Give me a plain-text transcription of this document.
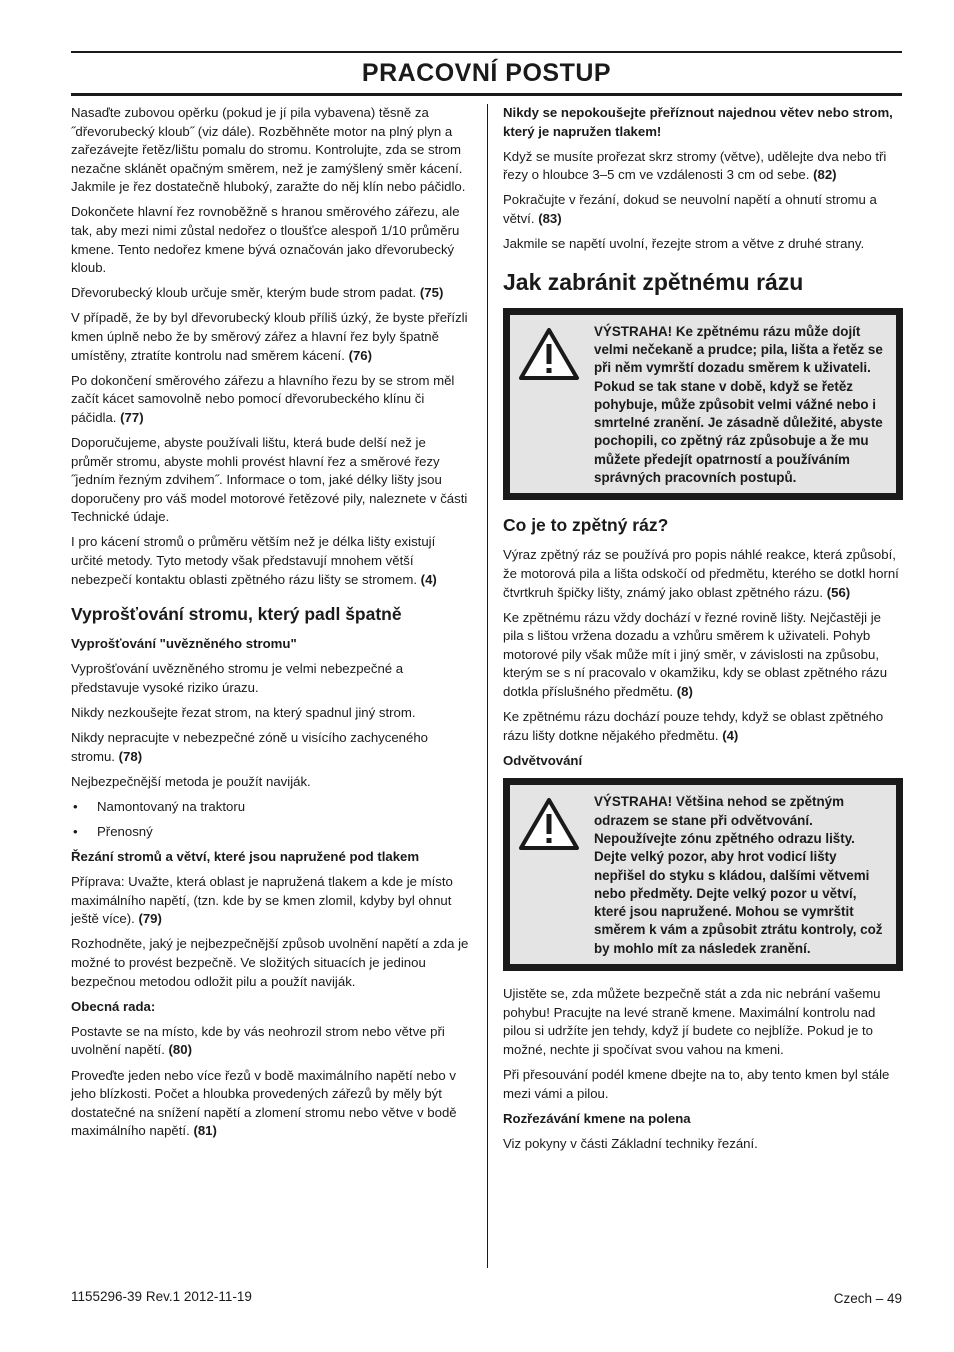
PRACOVNÍ POSTUP

Nasaďte zubovou opěrku (pokud je jí pila vybavena) těsně za ˝dřevorubecký kloub˝ (viz dále). Rozběhněte motor na plný plyn a zařezávejte řetěz/lištu pomalu do stromu. Kontrolujte, zda se strom nezačne sklánět opačným směrem, než je zamýšlený směr kácení. Jakmile je řez dostatečně hluboký, zaražte do něj klín nebo páčidlo.

Dokončete hlavní řez rovnoběžně s hranou směrového zářezu, ale tak, aby mezi nimi zůstal nedořez o tloušťce alespoň 1/10 průměru kmene. Tento nedořez kmene bývá označován jako dřevorubecký kloub.

Dřevorubecký kloub určuje směr, kterým bude strom padat. (75)

V případě, že by byl dřevorubecký kloub příliš úzký, že byste přeřízli kmen úplně nebo že by směrový zářez a hlavní řez byly špatně umístěny, ztratíte kontrolu nad směrem kácení. (76)

Po dokončení směrového zářezu a hlavního řezu by se strom měl začít kácet samovolně nebo pomocí dřevorubeckého klínu či páčidla. (77)

Doporučujeme, abyste používali lištu, která bude delší než je průměr stromu, abyste mohli provést hlavní řez a směrové řezy ˝jedním řezným zdvihem˝. Informace o tom, jaké délky lišty jsou doporučeny pro váš model motorové řetězové pily, naleznete v části Technické údaje.

I pro kácení stromů o průměru větším než je délka lišty existují určité metody. Tyto metody však představují mnohem větší nebezpečí kontaktu oblasti zpětného rázu lišty se stromem. (4)

Vyprošťování stromu, který padl špatně

Vyprošťování "uvězněného stromu"

Vyprošťování uvězněného stromu je velmi nebezpečné a představuje vysoké riziko úrazu.

Nikdy nezkoušejte řezat strom, na který spadnul jiný strom.

Nikdy nepracujte v nebezpečné zóně u visícího zachyceného stromu. (78)

Nejbezpečnější metoda je použít naviják.

• Namontovaný na traktoru
• Přenosný

Řezání stromů a větví, které jsou napružené pod tlakem

Příprava: Uvažte, která oblast je napružená tlakem a kde je místo maximálního napětí, (tzn. kde by se kmen zlomil, kdyby byl ohnut ještě více). (79)

Rozhodněte, jaký je nejbezpečnější způsob uvolnění napětí a zda je možné to provést bezpečně. Ve složitých situacích je jedinou bezpečnou metodou odložit pilu a použít naviják.

Obecná rada:

Postavte se na místo, kde by vás neohrozil strom nebo větve při uvolnění napětí. (80)

Proveďte jeden nebo více řezů v bodě maximálního napětí nebo v jeho blízkosti. Počet a hloubka provedených zářezů by měly být dostatečné na snížení napětí a zlomení stromu nebo větve v bodě maximálního napětí. (81)

Nikdy se nepokoušejte přeříznout najednou větev nebo strom, který je napružen tlakem!

Když se musíte prořezat skrz stromy (větve), udělejte dva nebo tři řezy o hloubce 3–5 cm ve vzdálenosti 3 cm od sebe. (82)

Pokračujte v řezání, dokud se neuvolní napětí a ohnutí stromu a větví. (83)

Jakmile se napětí uvolní, řezejte strom a větve z druhé strany.

Jak zabránit zpětnému rázu
VÝSTRAHA! Ke zpětnému rázu může dojít velmi nečekaně a prudce; pila, lišta a řetěz se při něm vymrští dozadu směrem k uživateli. Pokud se tak stane v době, když se řetěz pohybuje, může způsobit velmi vážné nebo i smrtelné zranění. Je zásadně důležité, abyste pochopili, co zpětný ráz způsobuje a že mu můžete předejít opatrností a používáním správných pracovních postupů.
Co je to zpětný ráz?

Výraz zpětný ráz se používá pro popis náhlé reakce, která způsobí, že motorová pila a lišta odskočí od předmětu, kterého se dotkl horní čtvrtkruh špičky lišty, známý jako oblast zpětného rázu. (56)

Ke zpětnému rázu vždy dochází v řezné rovině lišty. Nejčastěji je pila s lištou vržena dozadu a vzhůru směrem k uživateli. Pohyb motorové pily však může mít i jiný směr, v závislosti na způsobu, kterým se s ní pracovalo v okamžiku, kdy se oblast zpětného rázu dotkla příslušného předmětu. (8)

Ke zpětnému rázu dochází pouze tehdy, když se oblast zpětného rázu lišty dotkne nějakého předmětu. (4)

Odvětvování

VÝSTRAHA! Většina nehod se zpětným odrazem se stane při odvětvování. Nepoužívejte zónu zpětného odrazu lišty. Dejte velký pozor, aby hrot vodicí lišty nepřišel do styku s kládou, dalšími větvemi nebo předměty. Dejte velký pozor u větví, které jsou napružené. Mohou se vymrštit směrem k vám a způsobit ztrátu kontroly, což by mohlo mít za následek zranění.

Ujistěte se, zda můžete bezpečně stát a zda nic nebrání vašemu pohybu! Pracujte na levé straně kmene. Maximální kontrolu nad pilou si udržíte jen tehdy, když jí budete co nejblíže. Pokud je to možné, nechte ji spočívat svou vahou na kmeni.

Při přesouvání podél kmene dbejte na to, aby tento kmen byl stále mezi vámi a pilou.

Rozřezávání kmene na polena

Viz pokyny v části Základní techniky řezání.

1155296-39 Rev.1 2012-11-19	Czech – 49
